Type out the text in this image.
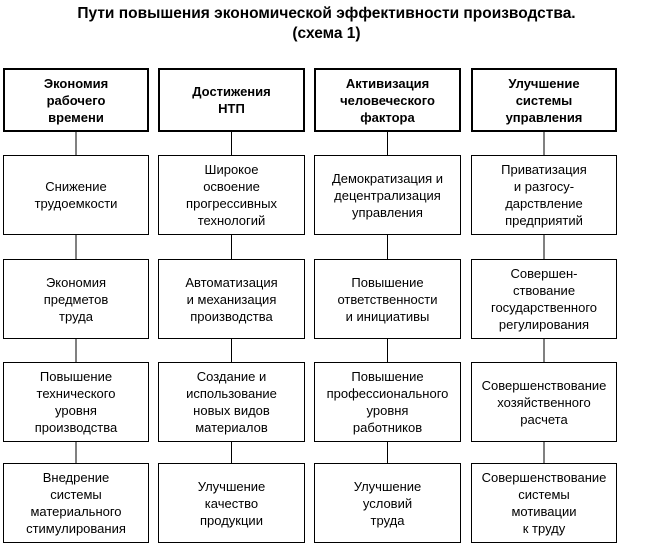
Пути повышения экономической эффективности производства.
(схема 1)
Экономия
рабочего
времени
Снижение
трудоемкости
Экономия
предметов
труда
Повышение
технического
уровня
производства
Внедрение
системы
материального
стимулирования
Достижения
НТП
Широкое
освоение
прогрессивных
технологий
Автоматизация
и механизация
производства
Создание и
использование
новых видов
материалов
Улучшение
качество
продукции
Активизация
человеческого
фактора
Демократизация и
децентрализация
управления
Повышение
ответственности
и инициативы
Повышение
профессионального
уровня
работников
Улучшение
условий
труда
Улучшение
системы
управления
Приватизация
и разгосу-
дарствление
предприятий
Совершен-
ствование
государственного
регулирования
Совершенствование
хозяйственного
расчета
Совершенствование
системы
мотивации
к труду
